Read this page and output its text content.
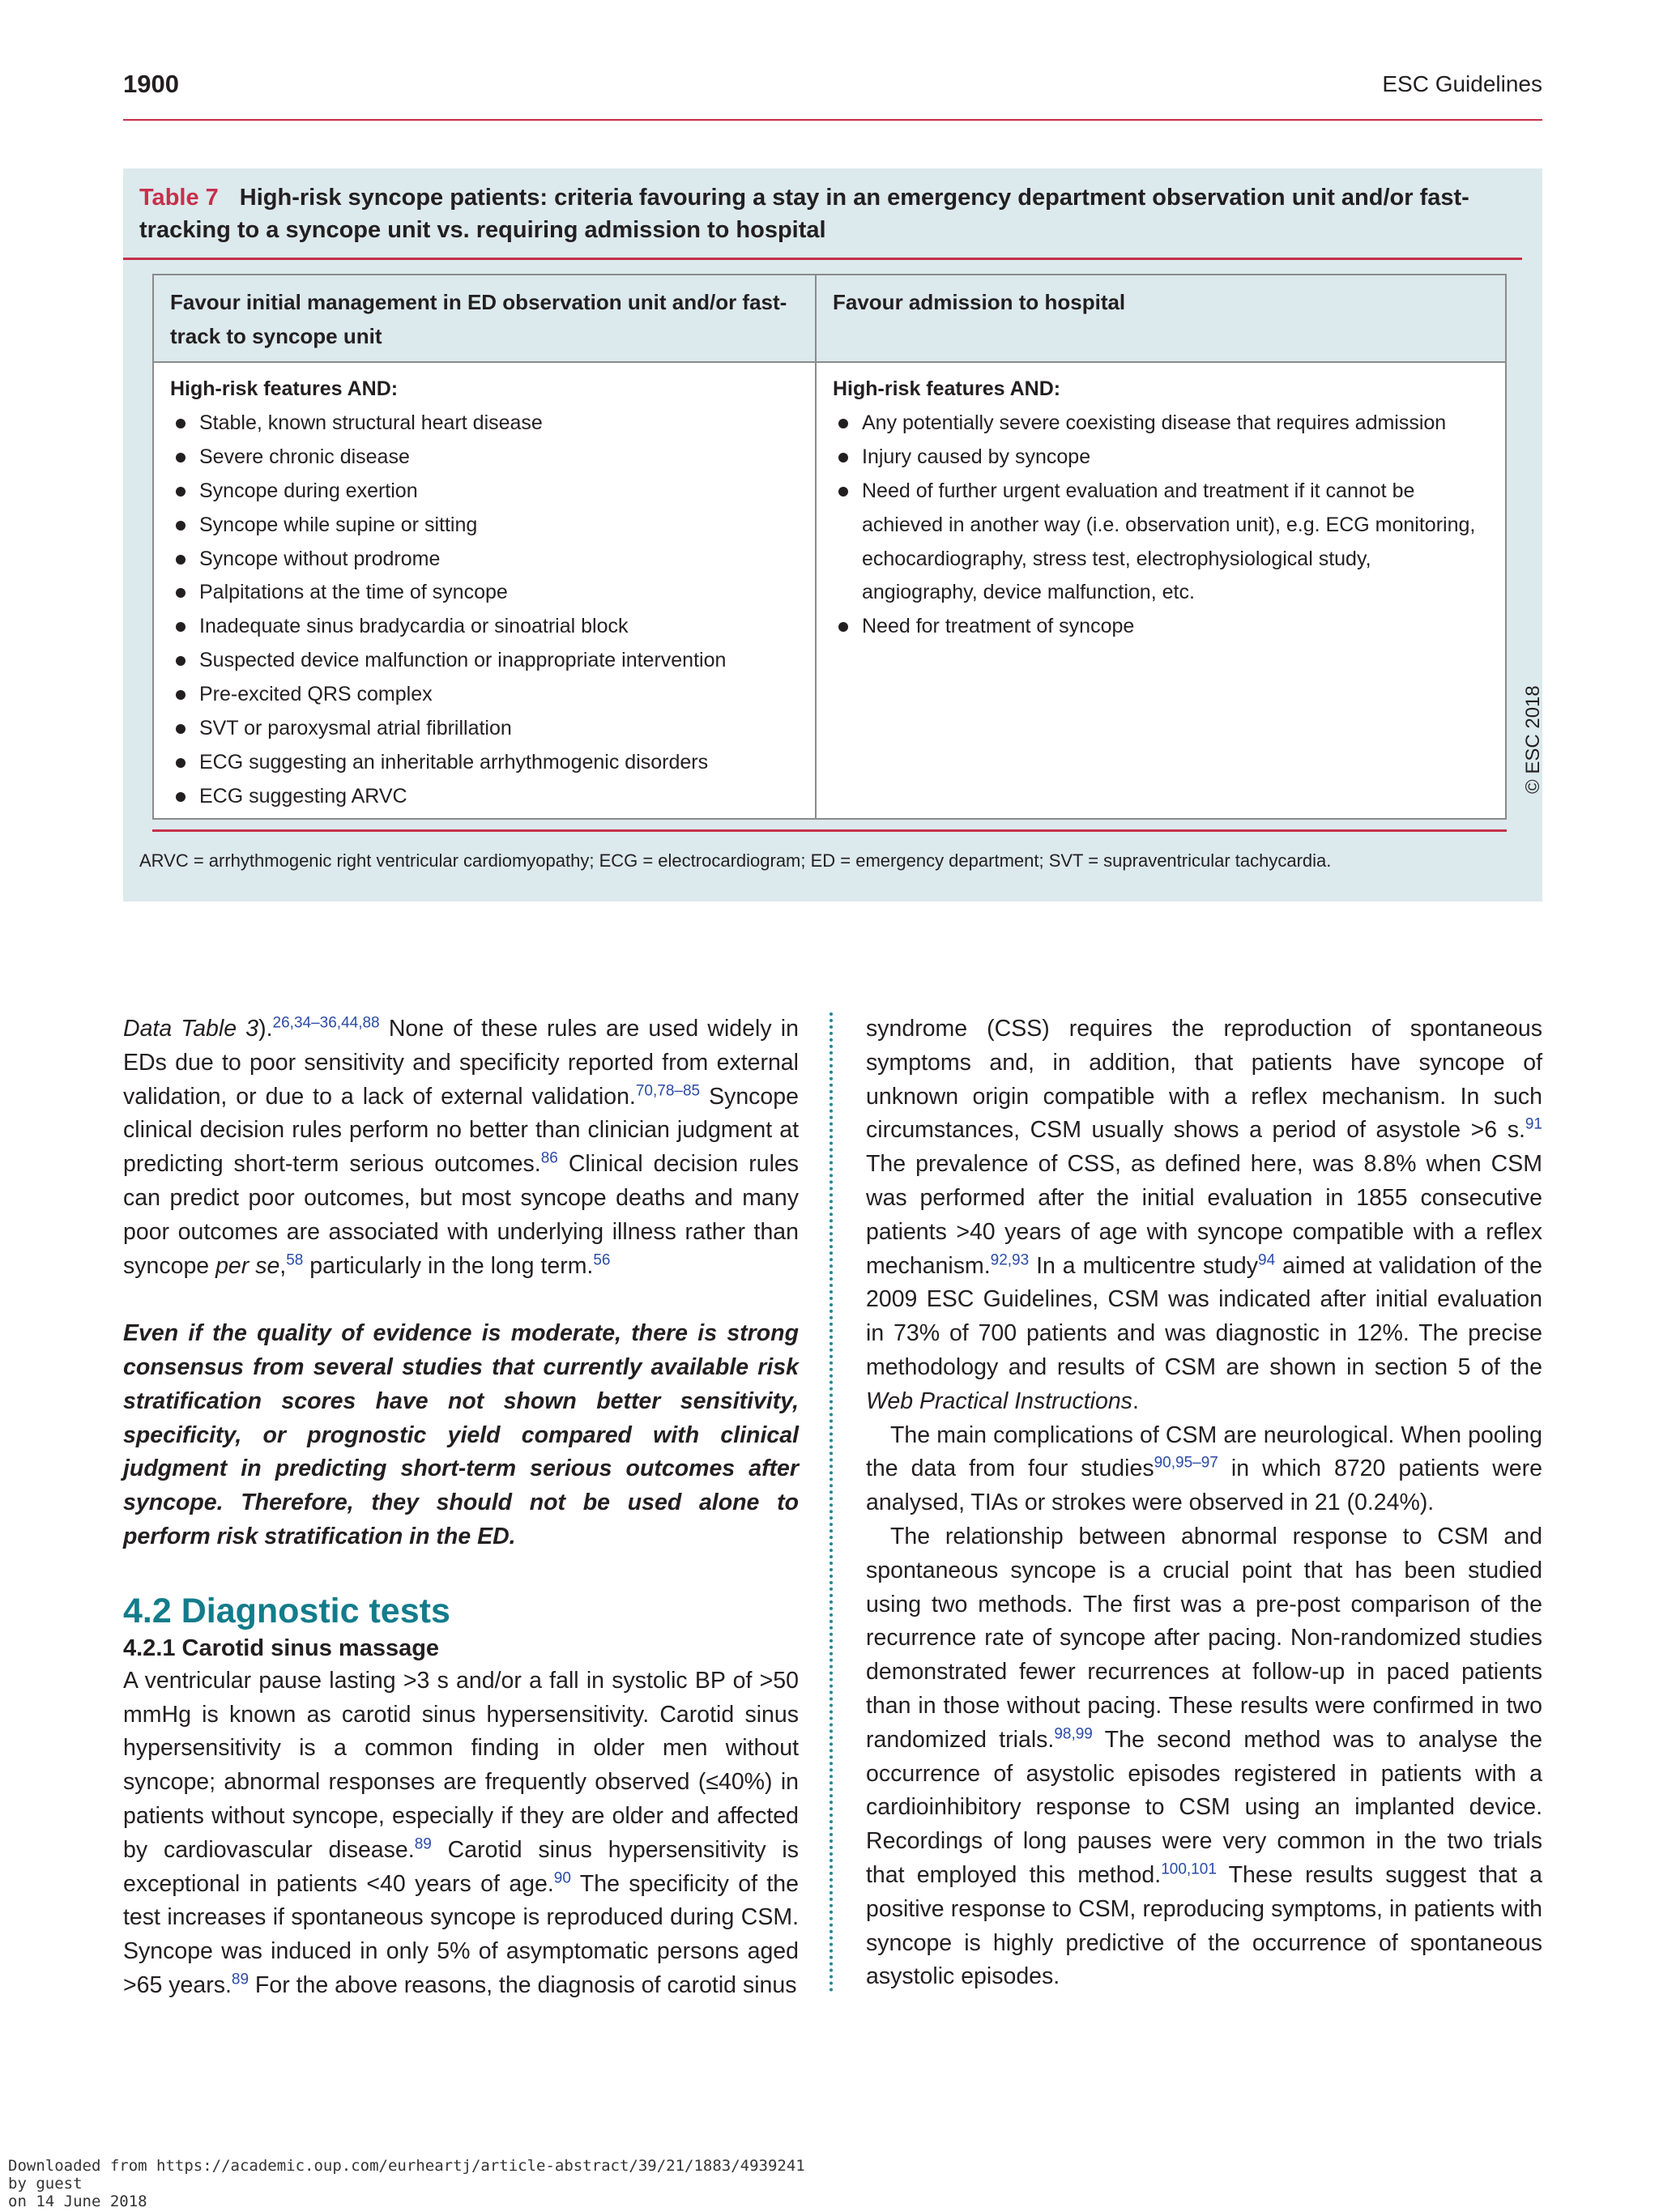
1900	ESC Guidelines
Table 7 High-risk syncope patients: criteria favouring a stay in an emergency department observation unit and/or fast-tracking to a syncope unit vs. requiring admission to hospital
Favour initial management in ED observation unit and/or fast-track to syncope unit
Favour admission to hospital
High-risk features AND:
Stable, known structural heart disease
Severe chronic disease
Syncope during exertion
Syncope while supine or sitting
Syncope without prodrome
Palpitations at the time of syncope
Inadequate sinus bradycardia or sinoatrial block
Suspected device malfunction or inappropriate intervention
Pre-excited QRS complex
SVT or paroxysmal atrial fibrillation
ECG suggesting an inheritable arrhythmogenic disorders
ECG suggesting ARVC
High-risk features AND:
Any potentially severe coexisting disease that requires admission
Injury caused by syncope
Need of further urgent evaluation and treatment if it cannot be achieved in another way (i.e. observation unit), e.g. ECG monitoring, echocardiography, stress test, electrophysiological study, angiography, device malfunction, etc.
Need for treatment of syncope
ARVC = arrhythmogenic right ventricular cardiomyopathy; ECG = electrocardiogram; ED = emergency department; SVT = supraventricular tachycardia.
© ESC 2018

Data Table 3).$^{26,34-36,44,88}$ None of these rules are used widely in EDs due to poor sensitivity and specificity reported from external validation, or due to a lack of external validation.$^{70,78-85}$ Syncope clinical decision rules perform no better than clinician judgment at predicting short-term serious outcomes.$^{86}$ Clinical decision rules can predict poor outcomes, but most syncope deaths and many poor outcomes are associated with underlying illness rather than syncope per se,$^{58}$ particularly in the long term.$^{56}$

Even if the quality of evidence is moderate, there is strong consensus from several studies that currently available risk stratification scores have not shown better sensitivity, specificity, or prognostic yield compared with clinical judgment in predicting short-term serious outcomes after syncope. Therefore, they should not be used alone to perform risk stratification in the ED.

4.2 Diagnostic tests

4.2.1 Carotid sinus massage

A ventricular pause lasting >3 s and/or a fall in systolic BP of >50 mmHg is known as carotid sinus hypersensitivity. Carotid sinus hypersensitivity is a common finding in older men without syncope; abnormal responses are frequently observed (≤40%) in patients without syncope, especially if they are older and affected by cardiovascular disease.$^{89}$ Carotid sinus hypersensitivity is exceptional in patients <40 years of age.$^{90}$ The specificity of the test increases if spontaneous syncope is reproduced during CSM. Syncope was induced in only 5% of asymptomatic persons aged >65 years.$^{89}$ For the above reasons, the diagnosis of carotid sinus

syndrome (CSS) requires the reproduction of spontaneous symptoms and, in addition, that patients have syncope of unknown origin compatible with a reflex mechanism. In such circumstances, CSM usually shows a period of asystole >6 s.$^{91}$ The prevalence of CSS, as defined here, was 8.8% when CSM was performed after the initial evaluation in 1855 consecutive patients >40 years of age with syncope compatible with a reflex mechanism.$^{92,93}$ In a multicentre study$^{94}$ aimed at validation of the 2009 ESC Guidelines, CSM was indicated after initial evaluation in 73% of 700 patients and was diagnostic in 12%. The precise methodology and results of CSM are shown in section 5 of the Web Practical Instructions.

The main complications of CSM are neurological. When pooling the data from four studies$^{90,95-97}$ in which 8720 patients were analysed, TIAs or strokes were observed in 21 (0.24%).

The relationship between abnormal response to CSM and spontaneous syncope is a crucial point that has been studied using two methods. The first was a pre-post comparison of the recurrence rate of syncope after pacing. Non-randomized studies demonstrated fewer recurrences at follow-up in paced patients than in those without pacing. These results were confirmed in two randomized trials.$^{98,99}$ The second method was to analyse the occurrence of asystolic episodes registered in patients with a cardioinhibitory response to CSM using an implanted device. Recordings of long pauses were very common in the two trials that employed this method.$^{100,101}$ These results suggest that a positive response to CSM, reproducing symptoms, in patients with syncope is highly predictive of the occurrence of spontaneous asystolic episodes.

Downloaded from https://academic.oup.com/eurheartj/article-abstract/39/21/1883/4939241
by guest
on 14 June 2018
